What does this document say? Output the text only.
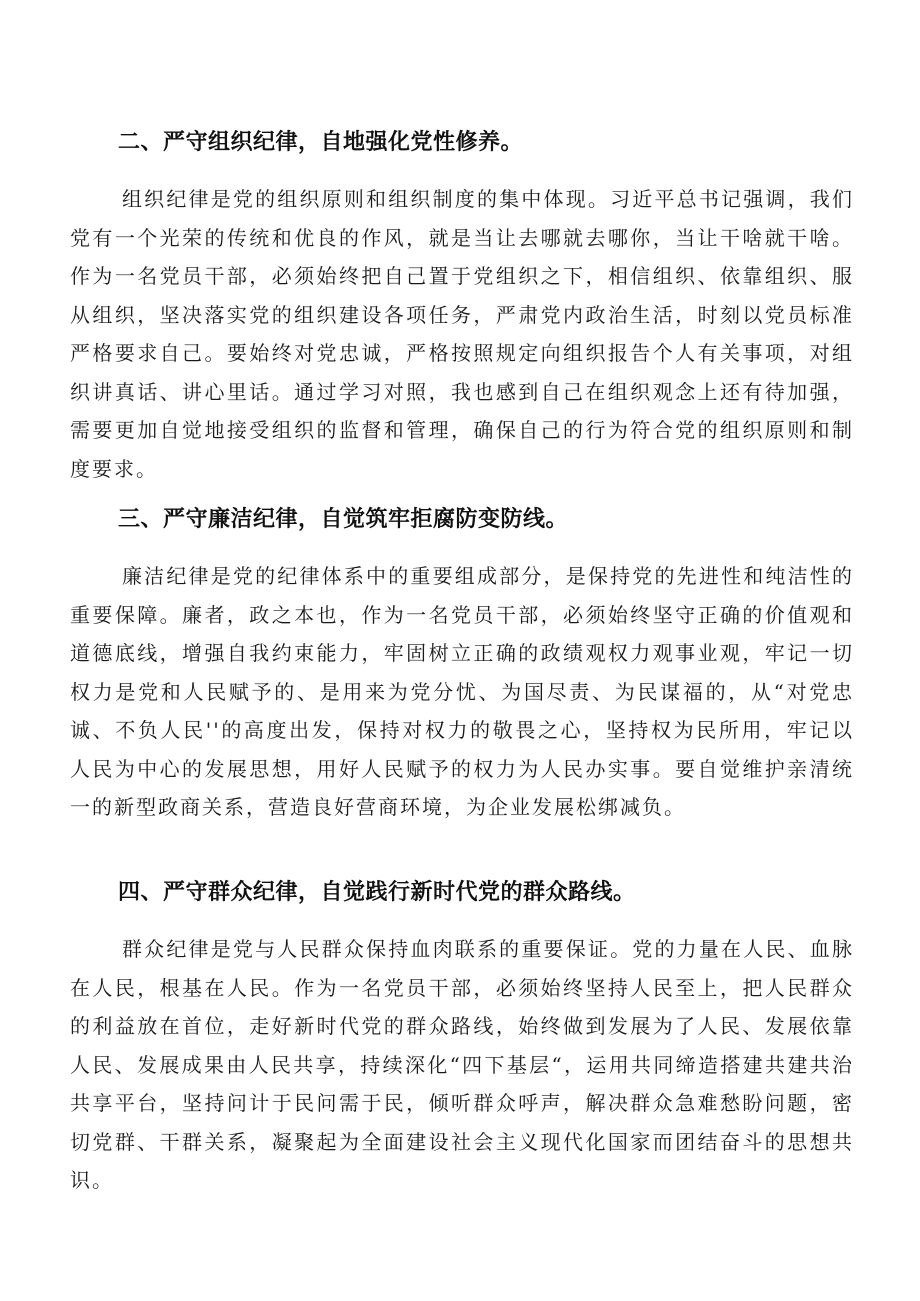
二、严守组织纪律，自地强化党性修养。

组织纪律是党的组织原则和组织制度的集中体现。习近平总书记强调，我们党有一个光荣的传统和优良的作风，就是当让去哪就去哪你，当让干啥就干啥。作为一名党员干部，必须始终把自己置于党组织之下，相信组织、依靠组织、服从组织，坚决落实党的组织建设各项任务，严肃党内政治生活，时刻以党员标准严格要求自己。要始终对党忠诚，严格按照规定向组织报告个人有关事项，对组织讲真话、讲心里话。通过学习对照，我也感到自己在组织观念上还有待加强，需要更加自觉地接受组织的监督和管理，确保自己的行为符合党的组织原则和制度要求。

三、严守廉洁纪律，自觉筑牢拒腐防变防线。

廉洁纪律是党的纪律体系中的重要组成部分，是保持党的先进性和纯洁性的重要保障。廉者，政之本也，作为一名党员干部，必须始终坚守正确的价值观和道德底线，增强自我约束能力，牢固树立正确的政绩观权力观事业观，牢记一切权力是党和人民赋予的、是用来为党分忧、为国尽责、为民谋福的，从“对党忠诚、不负人民''的高度出发，保持对权力的敬畏之心，坚持权为民所用，牢记以人民为中心的发展思想，用好人民赋予的权力为人民办实事。要自觉维护亲清统一的新型政商关系，营造良好营商环境，为企业发展松绑减负。

四、严守群众纪律，自觉践行新时代党的群众路线。

群众纪律是党与人民群众保持血肉联系的重要保证。党的力量在人民、血脉在人民，根基在人民。作为一名党员干部，必须始终坚持人民至上，把人民群众的利益放在首位，走好新时代党的群众路线，始终做到发展为了人民、发展依靠人民、发展成果由人民共享，持续深化“四下基层“，运用共同缔造搭建共建共治共享平台，坚持问计于民问需于民，倾听群众呼声，解决群众急难愁盼问题，密切党群、干群关系，凝聚起为全面建设社会主义现代化国家而团结奋斗的思想共识。
